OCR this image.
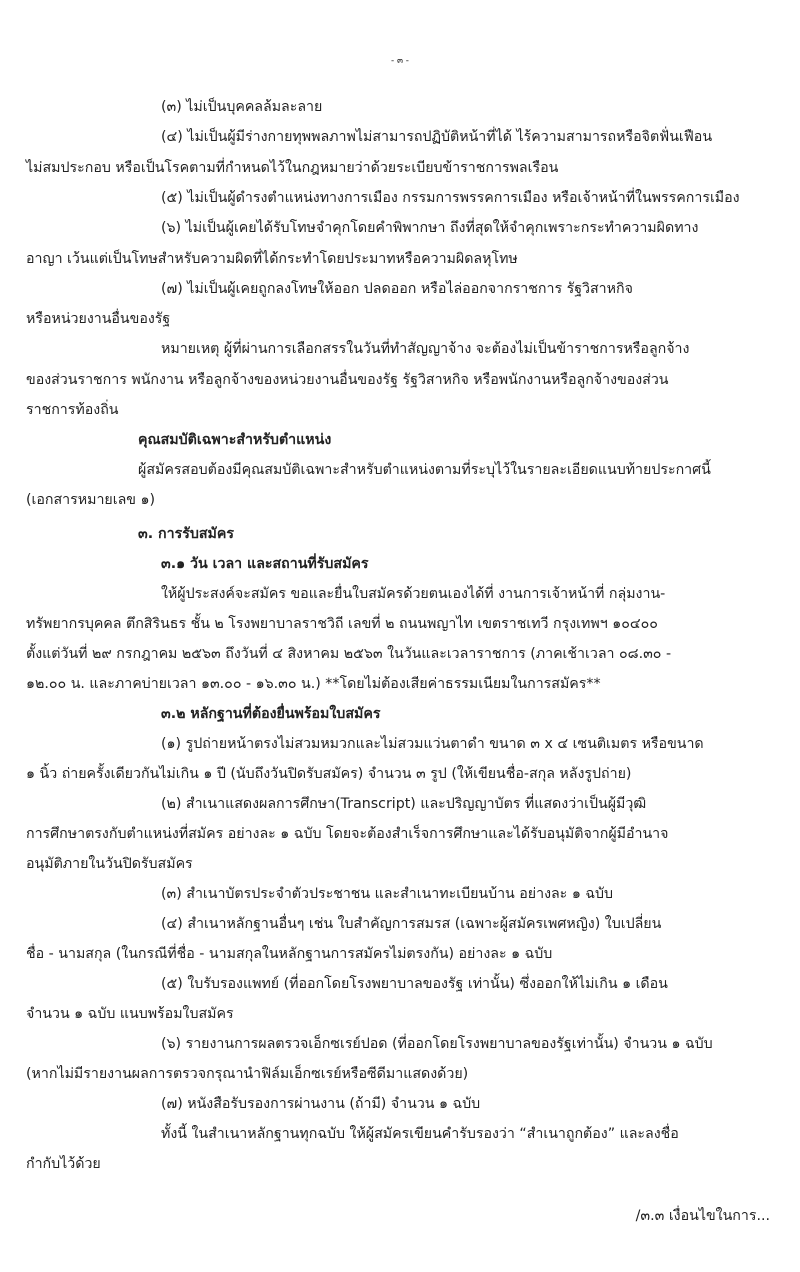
- ๓ -
(๓) ไม่เป็นบุคคลล้มละลาย
(๔) ไม่เป็นผู้มีร่างกายทุพพลภาพไม่สามารถปฏิบัติหน้าที่ได้ ไร้ความสามารถหรือจิตฟั่นเฟือน
ไม่สมประกอบ หรือเป็นโรคตามที่กำหนดไว้ในกฎหมายว่าด้วยระเบียบข้าราชการพลเรือน
(๕) ไม่เป็นผู้ดำรงตำแหน่งทางการเมือง กรรมการพรรคการเมือง หรือเจ้าหน้าที่ในพรรคการเมือง
(๖) ไม่เป็นผู้เคยได้รับโทษจำคุกโดยคำพิพากษา ถึงที่สุดให้จำคุกเพราะกระทำความผิดทาง
อาญา เว้นแต่เป็นโทษสำหรับความผิดที่ได้กระทำโดยประมาทหรือความผิดลหุโทษ
(๗) ไม่เป็นผู้เคยถูกลงโทษให้ออก ปลดออก หรือไล่ออกจากราชการ รัฐวิสาหกิจ
หรือหน่วยงานอื่นของรัฐ
หมายเหตุ ผู้ที่ผ่านการเลือกสรรในวันที่ทำสัญญาจ้าง จะต้องไม่เป็นข้าราชการหรือลูกจ้าง
ของส่วนราชการ พนักงาน หรือลูกจ้างของหน่วยงานอื่นของรัฐ รัฐวิสาหกิจ หรือพนักงานหรือลูกจ้างของส่วน
ราชการท้องถิ่น
คุณสมบัติเฉพาะสำหรับตำแหน่ง
ผู้สมัครสอบต้องมีคุณสมบัติเฉพาะสำหรับตำแหน่งตามที่ระบุไว้ในรายละเอียดแนบท้ายประกาศนี้
(เอกสารหมายเลข ๑)
๓. การรับสมัคร
๓.๑ วัน เวลา และสถานที่รับสมัคร
ให้ผู้ประสงค์จะสมัคร ขอและยื่นใบสมัครด้วยตนเองได้ที่ งานการเจ้าหน้าที่ กลุ่มงาน-
ทรัพยากรบุคคล ตึกสิรินธร ชั้น ๒ โรงพยาบาลราชวิถี เลขที่ ๒ ถนนพญาไท เขตราชเทวี กรุงเทพฯ ๑๐๔๐๐
ตั้งแต่วันที่ ๒๙ กรกฎาคม ๒๕๖๓ ถึงวันที่ ๔ สิงหาคม ๒๕๖๓ ในวันและเวลาราชการ (ภาคเช้าเวลา ๐๘.๓๐ -
๑๒.๐๐ น. และภาคบ่ายเวลา ๑๓.๐๐ - ๑๖.๓๐ น.) **โดยไม่ต้องเสียค่าธรรมเนียมในการสมัคร**
๓.๒ หลักฐานที่ต้องยื่นพร้อมใบสมัคร
(๑) รูปถ่ายหน้าตรงไม่สวมหมวกและไม่สวมแว่นตาดำ ขนาด ๓ x ๔ เซนติเมตร หรือขนาด
๑ นิ้ว ถ่ายครั้งเดียวกันไม่เกิน ๑ ปี (นับถึงวันปิดรับสมัคร) จำนวน ๓ รูป (ให้เขียนชื่อ-สกุล หลังรูปถ่าย)
(๒) สำเนาแสดงผลการศึกษา(Transcript) และปริญญาบัตร ที่แสดงว่าเป็นผู้มีวุฒิ
การศึกษาตรงกับตำแหน่งที่สมัคร อย่างละ ๑ ฉบับ โดยจะต้องสำเร็จการศึกษาและได้รับอนุมัติจากผู้มีอำนาจ
อนุมัติภายในวันปิดรับสมัคร
(๓) สำเนาบัตรประจำตัวประชาชน และสำเนาทะเบียนบ้าน อย่างละ ๑ ฉบับ
(๔) สำเนาหลักฐานอื่นๆ เช่น ใบสำคัญการสมรส (เฉพาะผู้สมัครเพศหญิง) ใบเปลี่ยน
ชื่อ - นามสกุล (ในกรณีที่ชื่อ - นามสกุลในหลักฐานการสมัครไม่ตรงกัน) อย่างละ ๑ ฉบับ
(๕) ใบรับรองแพทย์ (ที่ออกโดยโรงพยาบาลของรัฐ เท่านั้น) ซึ่งออกให้ไม่เกิน ๑ เดือน
จำนวน ๑ ฉบับ แนบพร้อมใบสมัคร
(๖) รายงานการผลตรวจเอ็กซเรย์ปอด (ที่ออกโดยโรงพยาบาลของรัฐเท่านั้น) จำนวน ๑ ฉบับ
(หากไม่มีรายงานผลการตรวจกรุณานำฟิล์มเอ็กซเรย์หรือซีดีมาแสดงด้วย)
(๗) หนังสือรับรองการผ่านงาน (ถ้ามี) จำนวน ๑ ฉบับ
ทั้งนี้ ในสำเนาหลักฐานทุกฉบับ ให้ผู้สมัครเขียนคำรับรองว่า “สำเนาถูกต้อง” และลงชื่อ
กำกับไว้ด้วย
/๓.๓ เงื่อนไขในการ...
